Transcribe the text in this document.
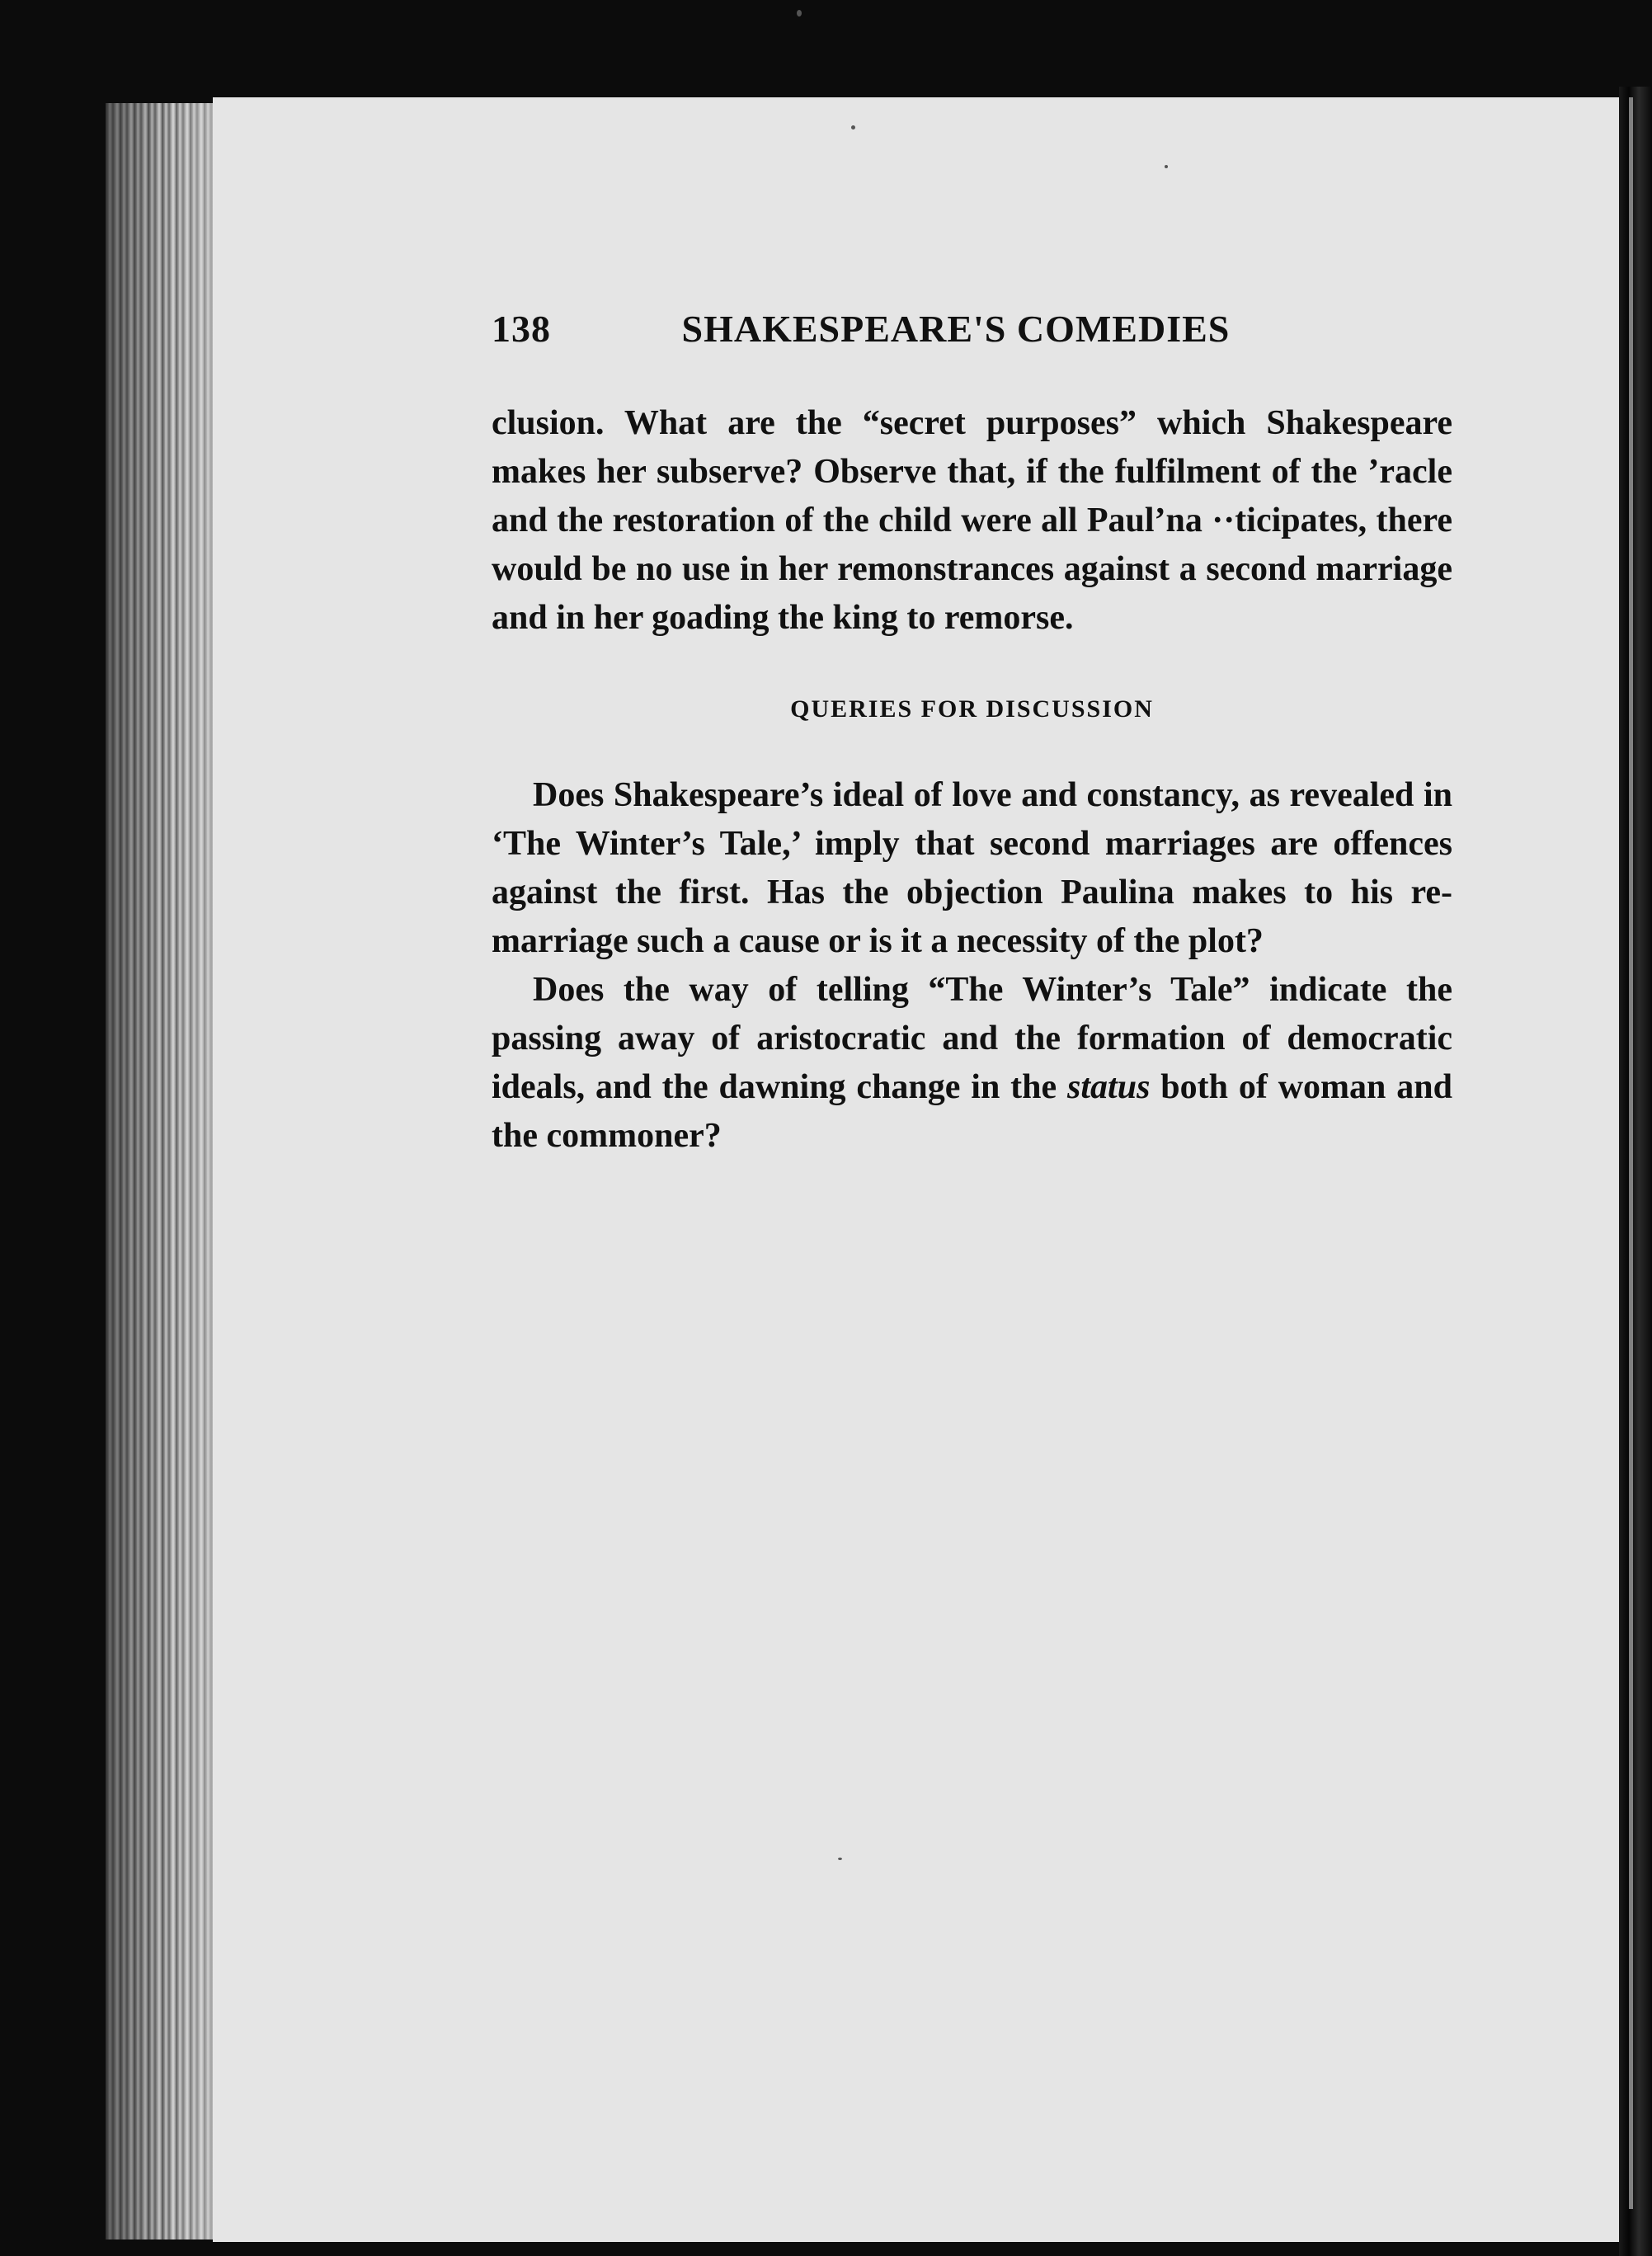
138	SHAKESPEARE'S COMEDIES

clusion. What are the “secret purposes” which Shakespeare makes her subserve? Observe that, if the fulfilment of the ’racle and the restoration of the child were all Paul’na ··ticipates, there would be no use in her remonstrances against a second marriage and in her goading the king to remorse.

QUERIES FOR DISCUSSION

Does Shakespeare’s ideal of love and constancy, as revealed in ‘The Winter’s Tale,’ imply that second marriages are offences against the first. Has the objection Paulina makes to his re-marriage such a cause or is it a necessity of the plot?

Does the way of telling “The Winter’s Tale” indicate the passing away of aristocratic and the formation of democratic ideals, and the dawning change in the status both of woman and the commoner?
